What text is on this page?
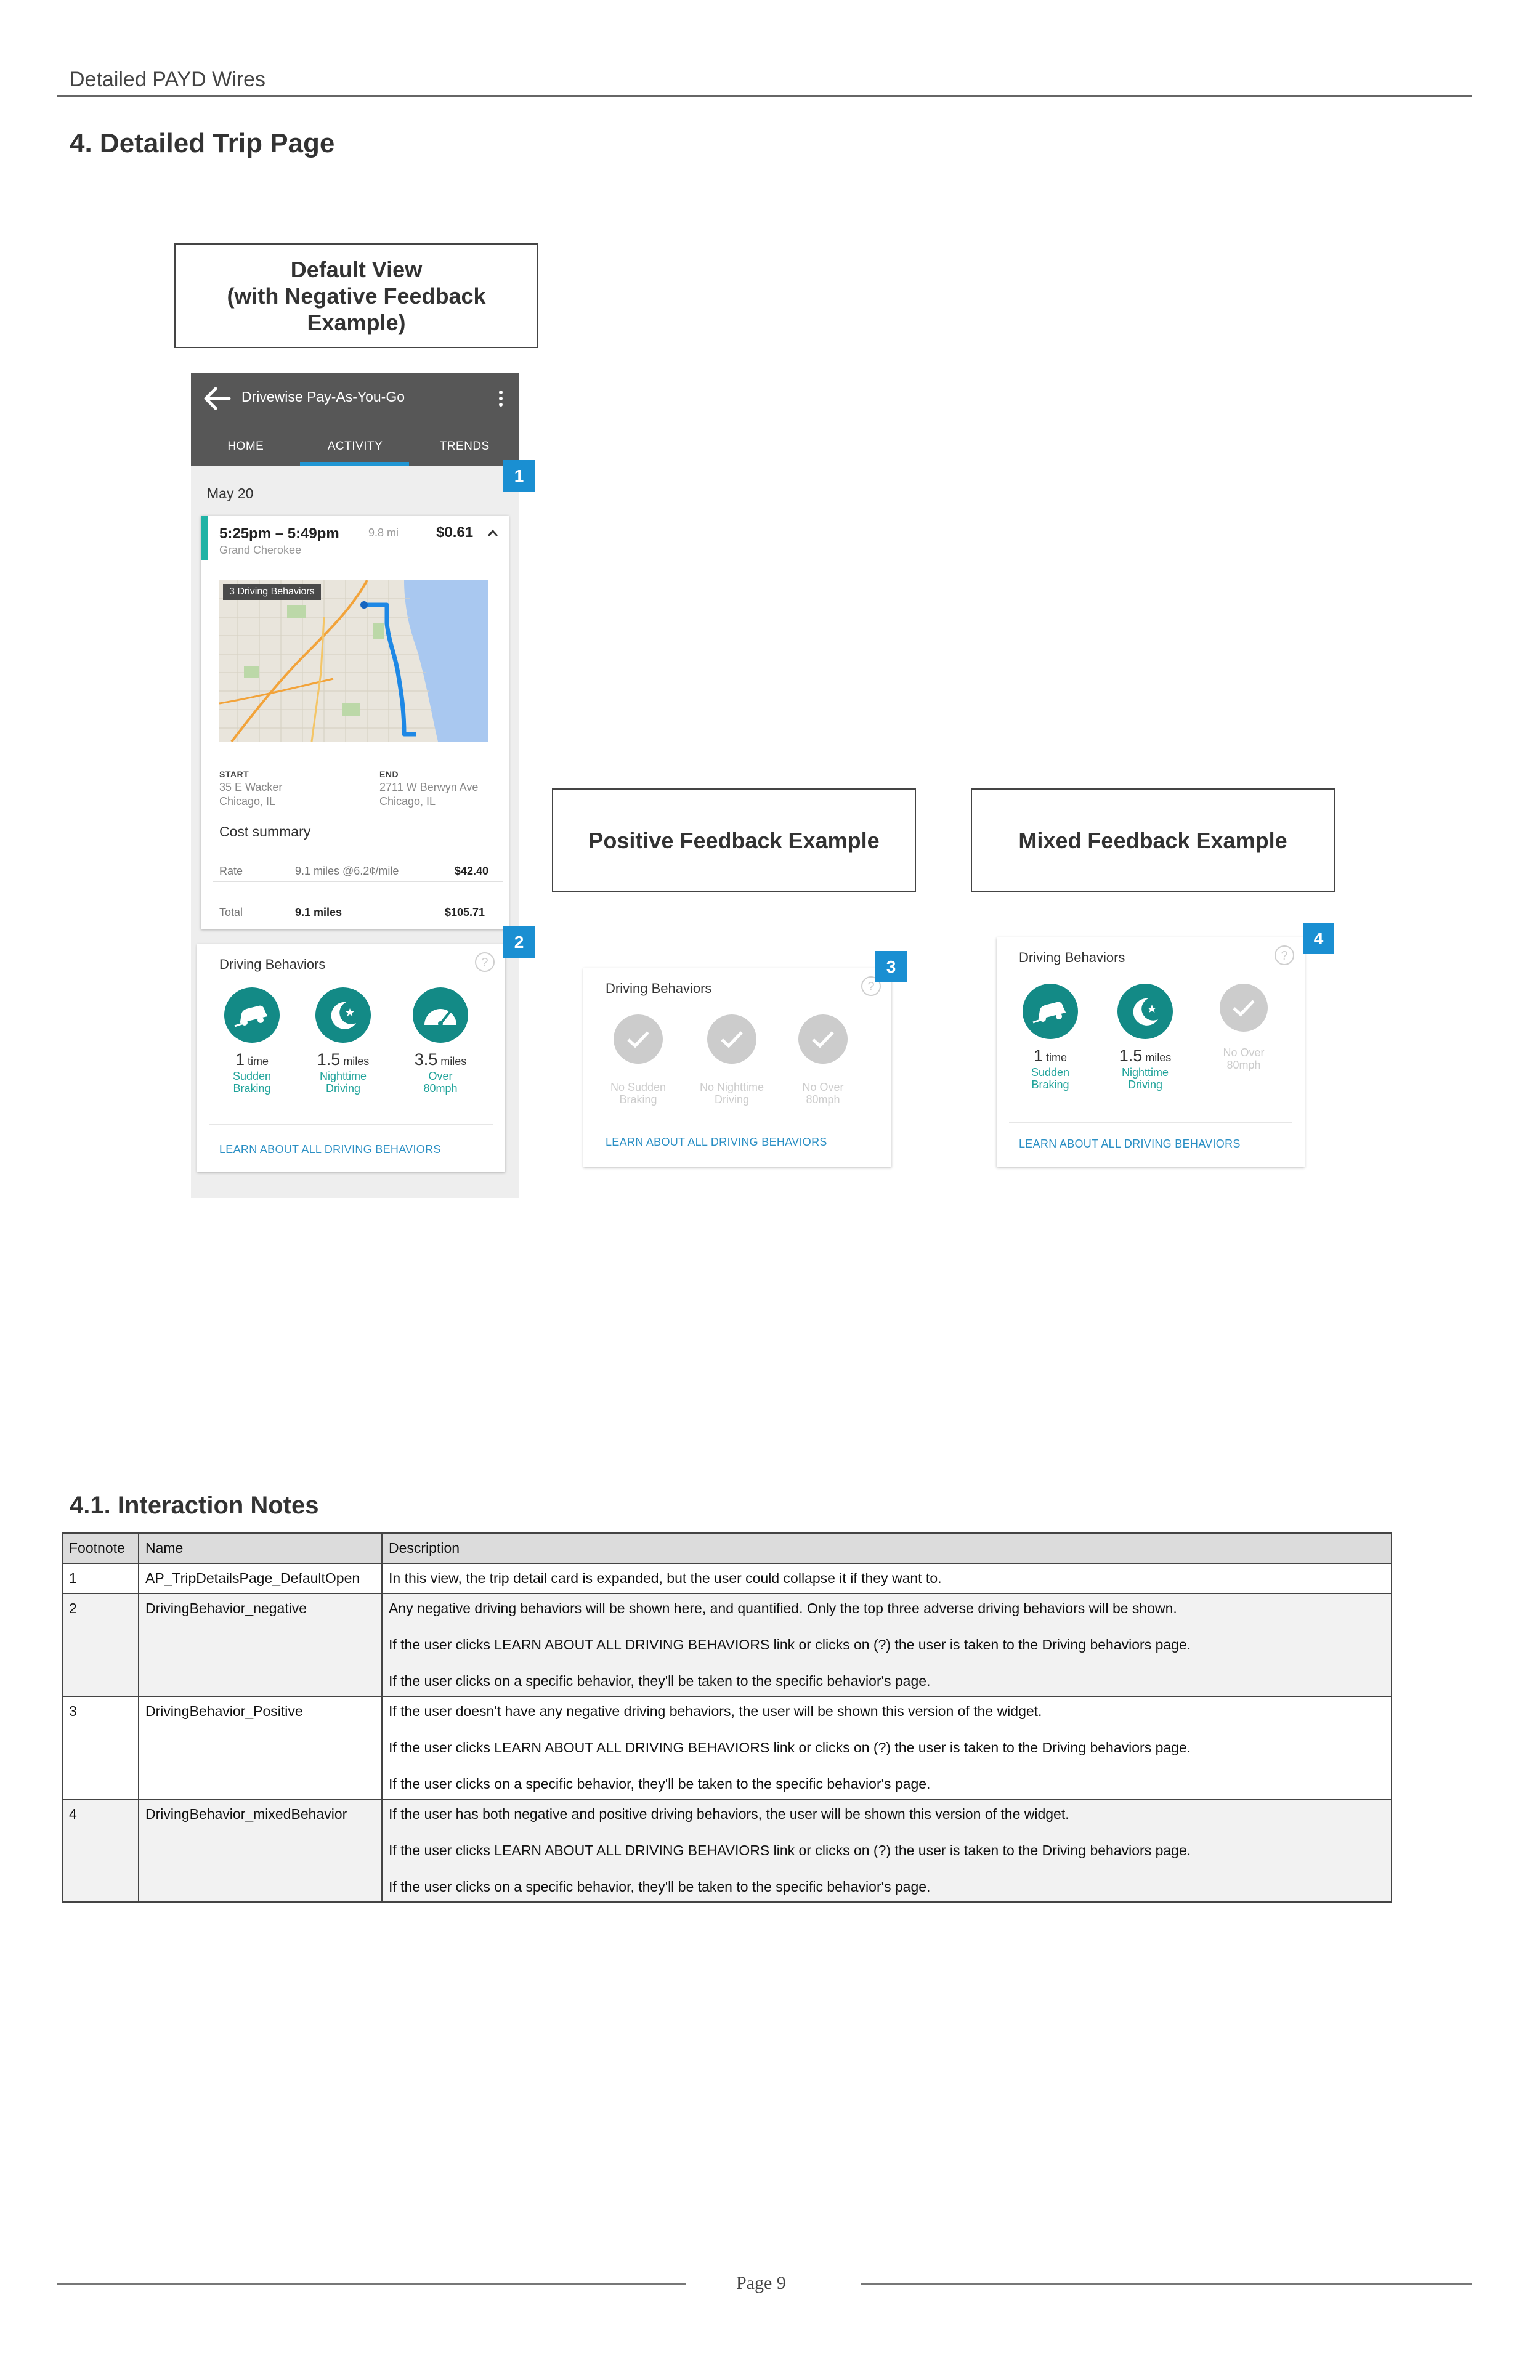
Detailed PAYD Wires
4. Detailed Trip Page
Default View
(with Negative Feedback Example)
Positive Feedback Example	Mixed Feedback Example
Drivewise Pay-As-You-Go
HOME	ACTIVITY	TRENDS
May 20
5:25pm – 5:49pm
Grand Cherokee
9.8 mi	$0.61
3 Driving Behaviors
START
35 E Wacker
Chicago, IL
END
2711 W Berwyn Ave
Chicago, IL
Cost summary
Rate	9.1 miles @6.2¢/mile	$42.40
Total	9.1 miles	$105.71
Driving Behaviors	?
1 time
Sudden
Braking
1.5 miles
Nighttime
Driving
3.5 miles
Over
80mph
LEARN ABOUT ALL DRIVING BEHAVIORS
Driving Behaviors	?
No Sudden
Braking
No Nighttime
Driving
No Over
80mph
LEARN ABOUT ALL DRIVING BEHAVIORS
Driving Behaviors	?
1 time
Sudden
Braking
1.5 miles
Nighttime
Driving
No Over
80mph
LEARN ABOUT ALL DRIVING BEHAVIORS
1
2
3
4
4.1. Interaction Notes
Footnote	Name	Description
1	AP_TripDetailsPage_DefaultOpen	In this view, the trip detail card is expanded, but the user could collapse it if they want to.

2	DrivingBehavior_negative	Any negative driving behaviors will be shown here, and quantified. Only the top three adverse driving behaviors will be shown.

If the user clicks LEARN ABOUT ALL DRIVING BEHAVIORS link or clicks on (?) the user is taken to the Driving behaviors page.

If the user clicks on a specific behavior, they'll be taken to the specific behavior's page.

3	DrivingBehavior_Positive	If the user doesn't have any negative driving behaviors, the user will be shown this version of the widget.

If the user clicks LEARN ABOUT ALL DRIVING BEHAVIORS link or clicks on (?) the user is taken to the Driving behaviors page.

If the user clicks on a specific behavior, they'll be taken to the specific behavior's page.

4	DrivingBehavior_mixedBehavior	If the user has both negative and positive driving behaviors, the user will be shown this version of the widget.

If the user clicks LEARN ABOUT ALL DRIVING BEHAVIORS link or clicks on (?) the user is taken to the Driving behaviors page.

If the user clicks on a specific behavior, they'll be taken to the specific behavior's page.

Page 9
